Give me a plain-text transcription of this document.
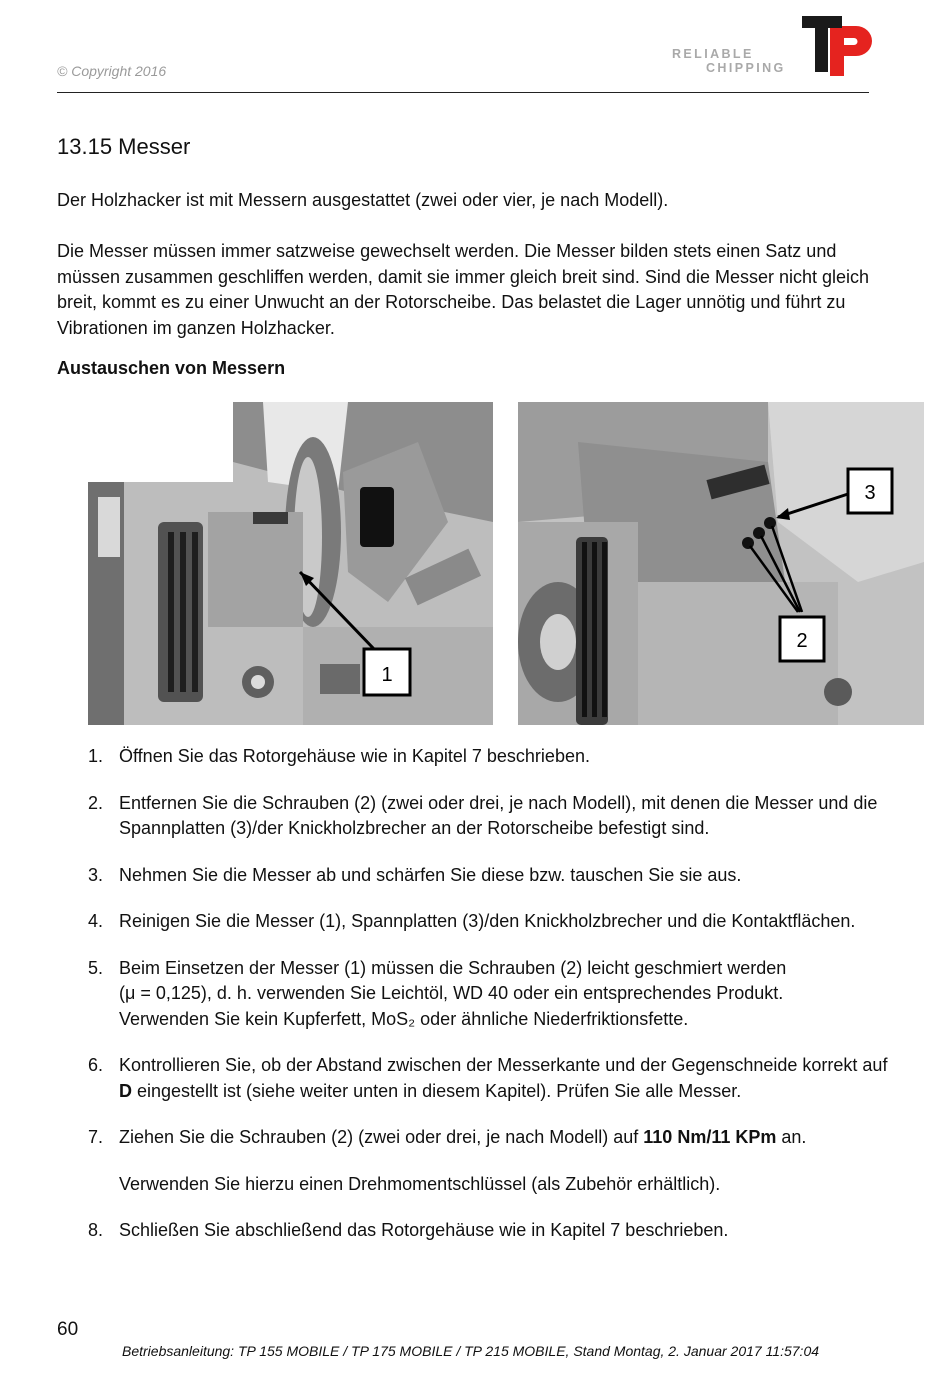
© Copyright 2016
RELIABLE
CHIPPING
13.15 Messer
Der Holzhacker ist mit Messern ausgestattet (zwei oder vier, je nach Modell).
Die Messer müssen immer satzweise gewechselt werden. Die Messer bilden stets einen Satz und müssen zusammen geschliffen werden, damit sie immer gleich breit sind. Sind die Messer nicht gleich breit, kommt es zu einer Unwucht an der Rotorscheibe. Das belastet die Lager unnötig und führt zu Vibrationen im ganzen Holzhacker.
Austauschen von Messern
1
3
2
1. Öffnen Sie das Rotorgehäuse wie in Kapitel 7 beschrieben.
2. Entfernen Sie die Schrauben (2) (zwei oder drei, je nach Modell), mit denen die Messer und die Spannplatten (3)/der Knickholzbrecher an der Rotorscheibe befestigt sind.
3. Nehmen Sie die Messer ab und schärfen Sie diese bzw. tauschen Sie sie aus.
4. Reinigen Sie die Messer (1), Spannplatten (3)/den Knickholzbrecher und die Kontaktflächen.
5. Beim Einsetzen der Messer (1) müssen die Schrauben (2) leicht geschmiert werden
(μ = 0,125), d. h. verwenden Sie Leichtöl, WD 40 oder ein entsprechendes Produkt.
Verwenden Sie kein Kupferfett, MoS₂ oder ähnliche Niederfriktionsfette.
6. Kontrollieren Sie, ob der Abstand zwischen der Messerkante und der Gegenschneide korrekt auf D eingestellt ist (siehe weiter unten in diesem Kapitel). Prüfen Sie alle Messer.
7. Ziehen Sie die Schrauben (2) (zwei oder drei, je nach Modell) auf 110 Nm/11 KPm an.
Verwenden Sie hierzu einen Drehmomentschlüssel (als Zubehör erhältlich).
8. Schließen Sie abschließend das Rotorgehäuse wie in Kapitel 7 beschrieben.
60
Betriebsanleitung: TP 155 MOBILE / TP 175 MOBILE / TP 215 MOBILE, Stand Montag, 2. Januar 2017 11:57:04
